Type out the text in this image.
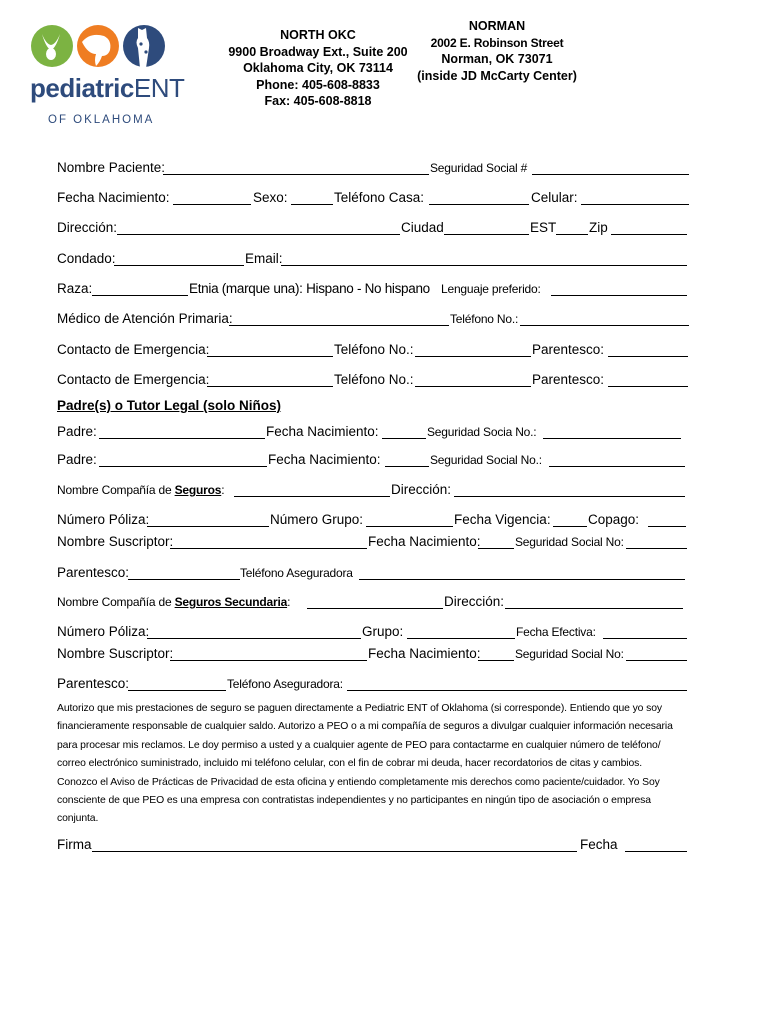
pediatricENT
OF OKLAHOMA
NORTH OKC
9900 Broadway Ext., Suite 200
Oklahoma City, OK 73114
Phone: 405-608-8833
Fax: 405-608-8818
NORMAN
2002 E. Robinson Street
Norman, OK 73071
(inside JD McCarty Center)
Nombre Paciente:	Seguridad Social #
Fecha Nacimiento:	Sexo:	Teléfono Casa:	Celular:
Dirección:	Ciudad	EST Zip
Condado:	Email:
Raza:	Etnia (marque una): Hispano - No hispano Lenguaje preferido:
Médico de Atención Primaria:	Teléfono No.:
Contacto de Emergencia:	Teléfono No.:	Parentesco:
Contacto de Emergencia:	Teléfono No.:	Parentesco:
Padre(s) o Tutor Legal (solo Niños)
Padre:	Fecha Nacimiento:	Seguridad Socia No.:
Padre:	Fecha Nacimiento:	Seguridad Social No.:
Nombre Compañía de Seguros:	Dirección:
Número Póliza:	Número Grupo:	Fecha Vigencia:	Copago:
Nombre Suscriptor:	Fecha Nacimiento:	Seguridad Social No:
Parentesco:	Teléfono Aseguradora
Nombre Compañía de Seguros Secundaria:	Dirección:
Número Póliza:	Grupo:	Fecha Efectiva:
Nombre Suscriptor:	Fecha Nacimiento:	Seguridad Social No:
Parentesco:	Teléfono Aseguradora:

Autorizo que mis prestaciones de seguro se paguen directamente a Pediatric ENT of Oklahoma (si corresponde). Entiendo que yo soy

financieramente responsable de cualquier saldo. Autorizo a PEO o a mi compañía de seguros a divulgar cualquier información necesaria

para procesar mis reclamos. Le doy permiso a usted y a cualquier agente de PEO para contactarme en cualquier número de teléfono/

correo electrónico suministrado, incluido mi teléfono celular, con el fin de cobrar mi deuda, hacer recordatorios de citas y cambios.

Conozco el Aviso de Prácticas de Privacidad de esta oficina y entiendo completamente mis derechos como paciente/cuidador. Yo Soy

consciente de que PEO es una empresa con contratistas independientes y no participantes en ningún tipo de asociación o empresa

conjunta.

Firma	Fecha
